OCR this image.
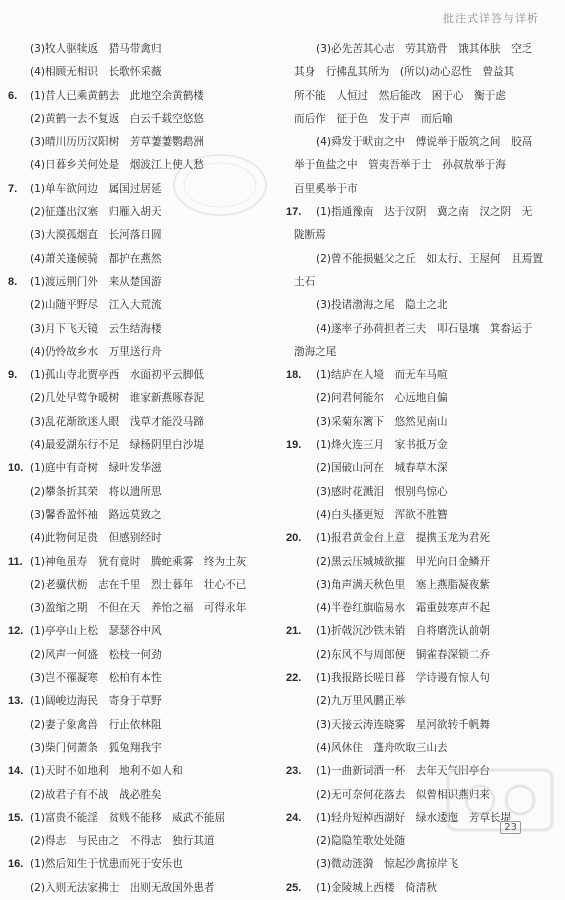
批注式详答与详析
(3)牧人驱犊返　猎马带禽归
(4)相顾无相识　长歌怀采薇
6. (1)昔人已乘黄鹤去　此地空余黄鹤楼
(2)黄鹤一去不复返　白云千载空悠悠
(3)晴川历历汉阳树　芳草萋萋鹦鹉洲
(4)日暮乡关何处是　烟波江上使人愁
7. (1)单车欲问边　属国过居延
(2)征蓬出汉塞　归雁入胡天
(3)大漠孤烟直　长河落日圆
(4)萧关逢候骑　都护在燕然
8. (1)渡远荆门外　来从楚国游
(2)山随平野尽　江入大荒流
(3)月下飞天镜　云生结海楼
(4)仍怜故乡水　万里送行舟
9. (1)孤山寺北贾亭西　水面初平云脚低
(2)几处早莺争暖树　谁家新燕啄春泥
(3)乱花渐欲迷人眼　浅草才能没马蹄
(4)最爱湖东行不足　绿杨阴里白沙堤
10. (1)庭中有奇树　绿叶发华滋
(2)攀条折其荣　将以遗所思
(3)馨香盈怀袖　路远莫致之
(4)此物何足贵　但感别经时
11. (1)神龟虽寿　犹有竟时　腾蛇乘雾　终为土灰
(2)老骥伏枥　志在千里　烈士暮年　壮心不已
(3)盈缩之期　不但在天　养怡之福　可得永年
12. (1)亭亭山上松　瑟瑟谷中风
(2)风声一何盛　松枝一何劲
(3)岂不罹凝寒　松柏有本性
13. (1)阔峻边海民　寄身于草野
(2)妻子象禽兽　行止依林阻
(3)柴门何萧条　狐兔翔我宇
14. (1)天时不如地利　地利不如人和
(2)故君子有不战　战必胜矣
15. (1)富贵不能淫　贫贱不能移　威武不能屈
(2)得志　与民由之　不得志　独行其道
16. (1)然后知生于忧患而死于安乐也
(2)入则无法家拂士　出则无敌国外患者
(3)必先苦其心志　劳其筋骨　饿其体肤　空乏
其身　行拂乱其所为　(所以)动心忍性　曾益其
所不能　人恒过　然后能改　困于心　衡于虑
而后作　征于色　发于声　而后喻
(4)舜发于畎亩之中　傅说举于版筑之间　胶鬲
举于鱼盐之中　管夷吾举于士　孙叔敖举于海
百里奚举于市
17. (1)指通豫南　达于汉阴　冀之南　汉之阴　无
陇断焉
(2)曾不能损魁父之丘　如太行、王屋何　且焉置
土石
(3)投诸渤海之尾　隐土之北
(4)遂率子孙荷担者三夫　叩石垦壤　箕畚运于
渤海之尾
18. (1)结庐在人境　而无车马喧
(2)问君何能尔　心远地自偏
(3)采菊东篱下　悠然见南山
19. (1)烽火连三月　家书抵万金
(2)国破山河在　城春草木深
(3)感时花溅泪　恨别鸟惊心
(4)白头搔更短　浑欲不胜簪
20. (1)报君黄金台上意　提携玉龙为君死
(2)黑云压城城欲摧　甲光向日金鳞开
(3)角声满天秋色里　塞上燕脂凝夜紫
(4)半卷红旗临易水　霜重鼓寒声不起
21. (1)折戟沉沙铁未销　自将磨洗认前朝
(2)东风不与周郎便　铜雀春深锁二乔
22. (1)我报路长嗟日暮　学诗谩有惊人句
(2)九万里风鹏正举
(3)天接云涛连晓雾　星河欲转千帆舞
(4)风休住　蓬舟吹取三山去
23. (1)一曲新词酒一杯　去年天气旧亭台
(2)无可奈何花落去　似曾相识燕归来
24. (1)轻舟短棹西湖好　绿水逶迤　芳草长堤
(2)隐隐笙歌处处随
(3)微动涟漪　惊起沙禽掠岸飞
25. (1)金陵城上西楼　倚清秋
23
